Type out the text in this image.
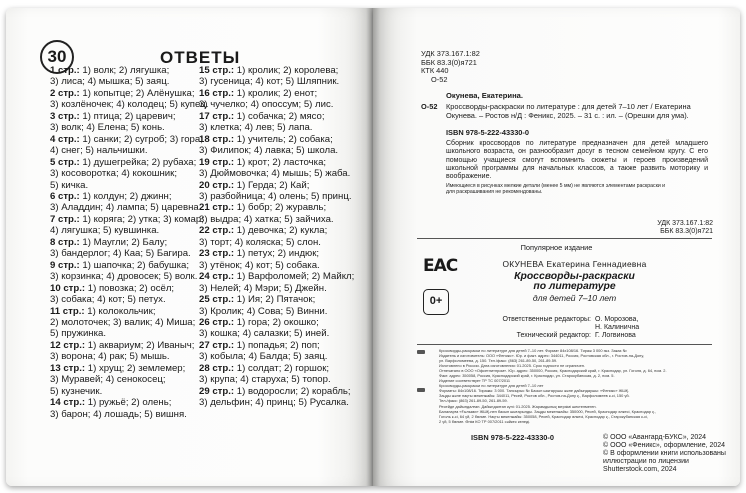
30	ОТВЕТЫ
1 стр.: 1) волк; 2) лягушка;
3) лиса; 4) мышка; 5) заяц.
2 стр.: 1) копытце; 2) Алёнушка;
3) козлёночек; 4) колодец; 5) купец.
3 стр.: 1) птица; 2) царевич;
3) волк; 4) Елена; 5) конь.
4 стр.: 1) санки; 2) сугроб; 3) гора;
4) снег; 5) нальчишки.
5 стр.: 1) душегрейка; 2) рубаха;
3) косоворотка; 4) кокошник;
5) кичка.
6 стр.: 1) колдун; 2) джинн;
3) Аладдин; 4) лампа; 5) царевна.
7 стр.: 1) коряга; 2) утка; 3) комар;
4) лягушка; 5) кувшинка.
8 стр.: 1) Маугли; 2) Балу;
3) бандерлог; 4) Каа; 5) Багира.
9 стр.: 1) шапочка; 2) бабушка;
3) корзинка; 4) дровосек; 5) волк.
10 стр.: 1) повозка; 2) осёл;
3) собака; 4) кот; 5) петух.
11 стр.: 1) колокольчик;
2) молоточек; 3) валик; 4) Миша;
5) пружинка.
12 стр.: 1) аквариум; 2) Иваныч;
3) ворона; 4) рак; 5) мышь.
13 стр.: 1) хрущ; 2) землемер;
3) Муравей; 4) сенокосец;
5) кузнечик.
14 стр.: 1) ружьё; 2) олень;
3) барон; 4) лошадь; 5) вишня.
15 стр.: 1) кролик; 2) королева;
3) гусеница; 4) кот; 5) Шляпник.
16 стр.: 1) кролик; 2) енот;
3) чучелко; 4) опоссум; 5) лис.
17 стр.: 1) собачка; 2) мясо;
3) клетка; 4) лев; 5) лапа.
18 стр.: 1) учитель; 2) собака;
3) Филипок; 4) лавка; 5) школа.
19 стр.: 1) крот; 2) ласточка;
3) Дюймовочка; 4) мышь; 5) жаба.
20 стр.: 1) Герда; 2) Кай;
3) разбойница; 4) олень; 5) принц.
21 стр.: 1) бобр; 2) журавль;
3) выдра; 4) хатка; 5) зайчиха.
22 стр.: 1) девочка; 2) кукла;
3) торт; 4) коляска; 5) слон.
23 стр.: 1) петух; 2) индюк;
3) утёнок; 4) кот; 5) собака.
24 стр.: 1) Варфоломей; 2) Майкл;
3) Нелей; 4) Мэри; 5) Джейн.
25 стр.: 1) Ия; 2) Пятачок;
3) Кролик; 4) Сова; 5) Винни.
26 стр.: 1) гора; 2) окошко;
3) кошка; 4) салазки; 5) иней.
27 стр.: 1) попадья; 2) поп;
3) кобыла; 4) Балда; 5) заяц.
28 стр.: 1) солдат; 2) горшок;
3) крупа; 4) старуха; 5) топор.
29 стр.: 1) водоросли; 2) корабль;
3) дельфин; 4) принц; 5) Русалка.
УДК 373.167.1:82
ББК 83.3(0)я721
КТК 440
О-52
Окунева, Екатерина.
О-52 Кроссворды-раскраски по литературе : для детей 7–10 лет / Екатерина
Окунева. – Ростов н/Д : Феникс, 2025. – 31 с. : ил. – (Орешки для ума).
ISBN 978-5-222-43330-0
Сборник кроссвордов по литературе предназначен для детей младшего школьного возраста, он разнообразит досуг в тесном семейном кругу. С его помощью учащиеся смогут вспомнить сюжеты и героев произведений школьной программы для начальных классов, а также развить моторику и воображение.
Имеющиеся в рисунках мелкие детали (менее 5 мм) не являются элементами раскраски и для раскрашивания не рекомендованы.
УДК 373.167.1:82
ББК 83.3(0)я721
Популярное издание
EAC
0+
ОКУНЕВА Екатерина Геннадиевна
Кроссворды-раскраски
по литературе
для детей 7–10 лет
Ответственные редакторы: О. Морозова,
Н. Калинична
Технический редактор: Г. Логвинова
Кроссворды-раскраски по литературе для детей 7–10 лет. Формат 84х108/16. Тираж 3 000 экз. Заказ №
Издатель и изготовитель: ООО «Феникс». Юр. и факт. адрес: 344011, Россия, Ростовская обл., г. Ростов-на-Дону,
ул. Варфоломеева, д. 150. Тел./факс: (863) 261-89-50, 261-89-59.
Изготовлено в России. Дата изготовления: 01.2025. Срок годности не ограничен.
Отпечатано в ООО «Офсетлитпром». Юр. адрес: 350000, Россия, Краснодарский край, г. Краснодар, ул. Гоголя, д. 64, пом. 2.
Факт. адрес: 350058, Россия, Краснодарский край, г. Краснодар, ул. Старокубанская, д. 2, пом. 5.
Изделие соответствует ТР ТС 007/2011
Кроссворды-раскраски по литературе для детей 7–10 лет
Форматы: 84х108/16. Тиражы: 3 000. Тапсырыс № Басып шығарушы және дайындаушы: «Феникс» ЖШҚ.
Заңды және нақты мекенжайы: 344011, Ресей, Ростов обл., Ростов-на-Дону қ., Варфоломеев к-сі, 150 үй.
Тел./факс: (863) 261-89-50, 261-89-59.
Ресейде дайындалған. Дайындалған күні: 01.2025. Жарамдылық мерзімі шектелмеген.
Балаларға «Ғылыми» ЖШҚ-нен басып шығарылды. Заңды мекенжайы: 350000, Ресей, Краснодар өлкесі, Краснодар қ.,
Гоголь к-сі, 64 үй, 2 бөлме. Нақты мекенжайы: 350058, Ресей, Краснодар өлкесі, Краснодар қ., Старокубанская к-сі,
2 үй, 5 бөлме. Өнім КО ТР 007/2011 сәйкес келеді.
ISBN 978-5-222-43330-0	© ООО «Авангард-БУКС», 2024
© ООО «Феникс», оформление, 2024
© В оформлении книги использованы
иллюстрации по лицензии
Shutterstock.com, 2024
